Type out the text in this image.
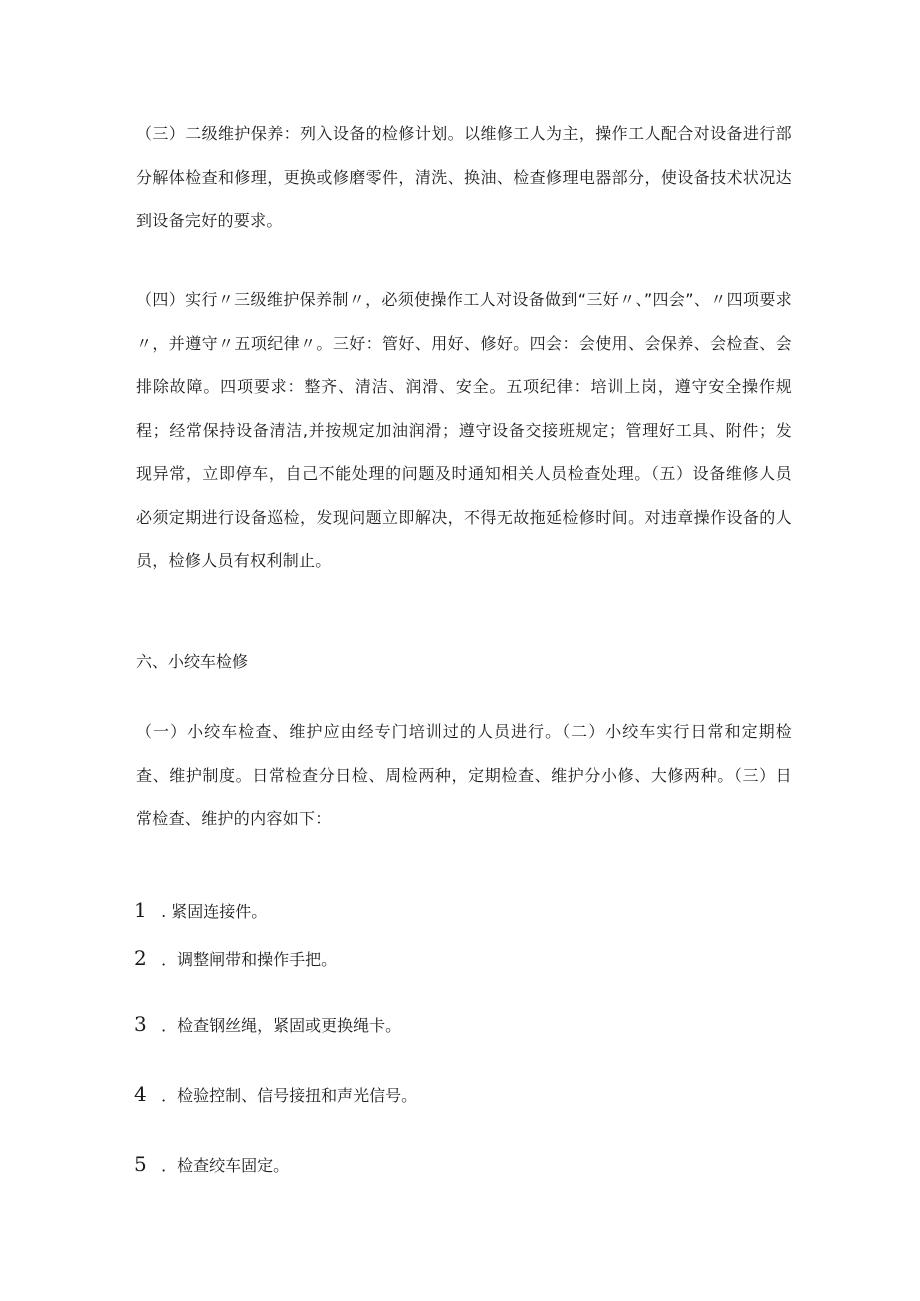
（三）二级维护保养：列入设备的检修计划。以维修工人为主，操作工人配合对设备进行部分解体检查和修理，更换或修磨零件，清洗、换油、检查修理电器部分，使设备技术状况达到设备完好的要求。

（四）实行〃三级维护保养制〃，必须使操作工人对设备做到“三好〃、”四会”、〃四项要求〃，并遵守〃五项纪律〃。三好：管好、用好、修好。四会：会使用、会保养、会检查、会排除故障。四项要求：整齐、清洁、润滑、安全。五项纪律：培训上岗，遵守安全操作规程；经常保持设备清洁,并按规定加油润滑；遵守设备交接班规定；管理好工具、附件；发现异常，立即停车，自己不能处理的问题及时通知相关人员检查处理。（五）设备维修人员必须定期进行设备巡检，发现问题立即解决，不得无故拖延检修时间。对违章操作设备的人员，检修人员有权利制止。

六、小绞车检修

（一）小绞车检查、维护应由经专门培训过的人员进行。（二）小绞车实行日常和定期检查、维护制度。日常检查分日检、周检两种，定期检查、维护分小修、大修两种。（三）日常检查、维护的内容如下：

1 . 紧固连接件。
2 ．调整闸带和操作手把。
3 ．检查钢丝绳，紧固或更换绳卡。
4 ．检验控制、信号接扭和声光信号。
5 ．检查绞车固定。
